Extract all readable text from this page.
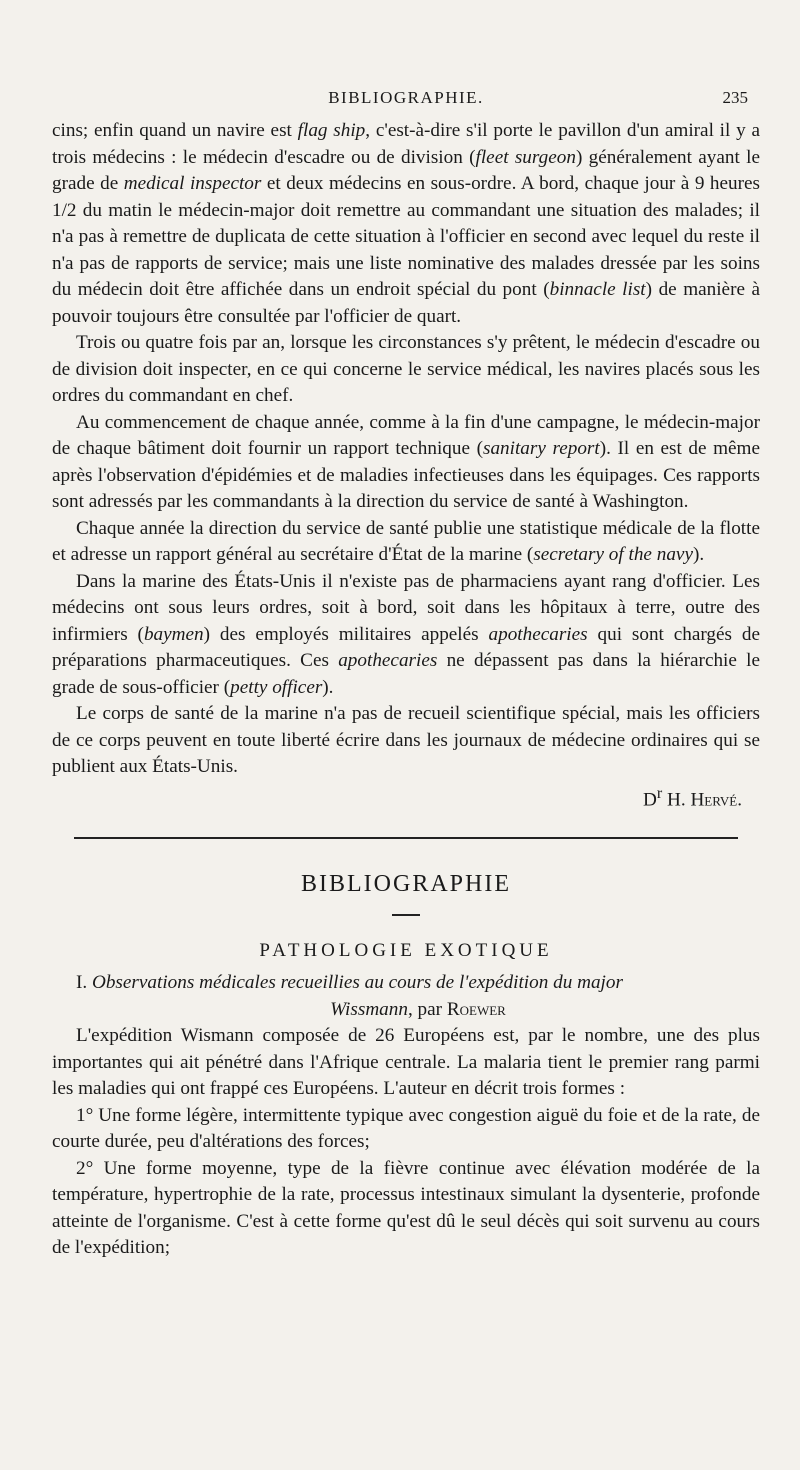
BIBLIOGRAPHIE.	235

cins; enfin quand un navire est flag ship, c'est-à-dire s'il porte le pavillon d'un amiral il y a trois médecins : le médecin d'escadre ou de division (fleet surgeon) généralement ayant le grade de medical inspector et deux médecins en sous-ordre. A bord, chaque jour à 9 heures 1/2 du matin le médecin-major doit remettre au commandant une situation des malades; il n'a pas à remettre de duplicata de cette situation à l'officier en second avec lequel du reste il n'a pas de rapports de service; mais une liste nominative des malades dressée par les soins du médecin doit être affichée dans un endroit spécial du pont (binnacle list) de manière à pouvoir toujours être consultée par l'officier de quart.

Trois ou quatre fois par an, lorsque les circonstances s'y prêtent, le médecin d'escadre ou de division doit inspecter, en ce qui concerne le service médical, les navires placés sous les ordres du commandant en chef.

Au commencement de chaque année, comme à la fin d'une campagne, le médecin-major de chaque bâtiment doit fournir un rapport technique (sanitary report). Il en est de même après l'observation d'épidémies et de maladies infectieuses dans les équipages. Ces rapports sont adressés par les commandants à la direction du service de santé à Washington.

Chaque année la direction du service de santé publie une statistique médicale de la flotte et adresse un rapport général au secrétaire d'État de la marine (secretary of the navy).

Dans la marine des États-Unis il n'existe pas de pharmaciens ayant rang d'officier. Les médecins ont sous leurs ordres, soit à bord, soit dans les hôpitaux à terre, outre des infirmiers (baymen) des employés militaires appelés apothecaries qui sont chargés de préparations pharmaceutiques. Ces apothecaries ne dépassent pas dans la hiérarchie le grade de sous-officier (petty officer).

Le corps de santé de la marine n'a pas de recueil scientifique spécial, mais les officiers de ce corps peuvent en toute liberté écrire dans les journaux de médecine ordinaires qui se publient aux États-Unis.

$D^r$ H. Hervé.

BIBLIOGRAPHIE
PATHOLOGIE EXOTIQUE

I. Observations médicales recueillies au cours de l'expédition du major

Wissmann, par Roewer

L'expédition Wismann composée de 26 Européens est, par le nombre, une des plus importantes qui ait pénétré dans l'Afrique centrale. La malaria tient le premier rang parmi les maladies qui ont frappé ces Européens. L'auteur en décrit trois formes :

1° Une forme légère, intermittente typique avec congestion aiguë du foie et de la rate, de courte durée, peu d'altérations des forces;

2° Une forme moyenne, type de la fièvre continue avec élévation modérée de la température, hypertrophie de la rate, processus intestinaux simulant la dysenterie, profonde atteinte de l'organisme. C'est à cette forme qu'est dû le seul décès qui soit survenu au cours de l'expédition;
